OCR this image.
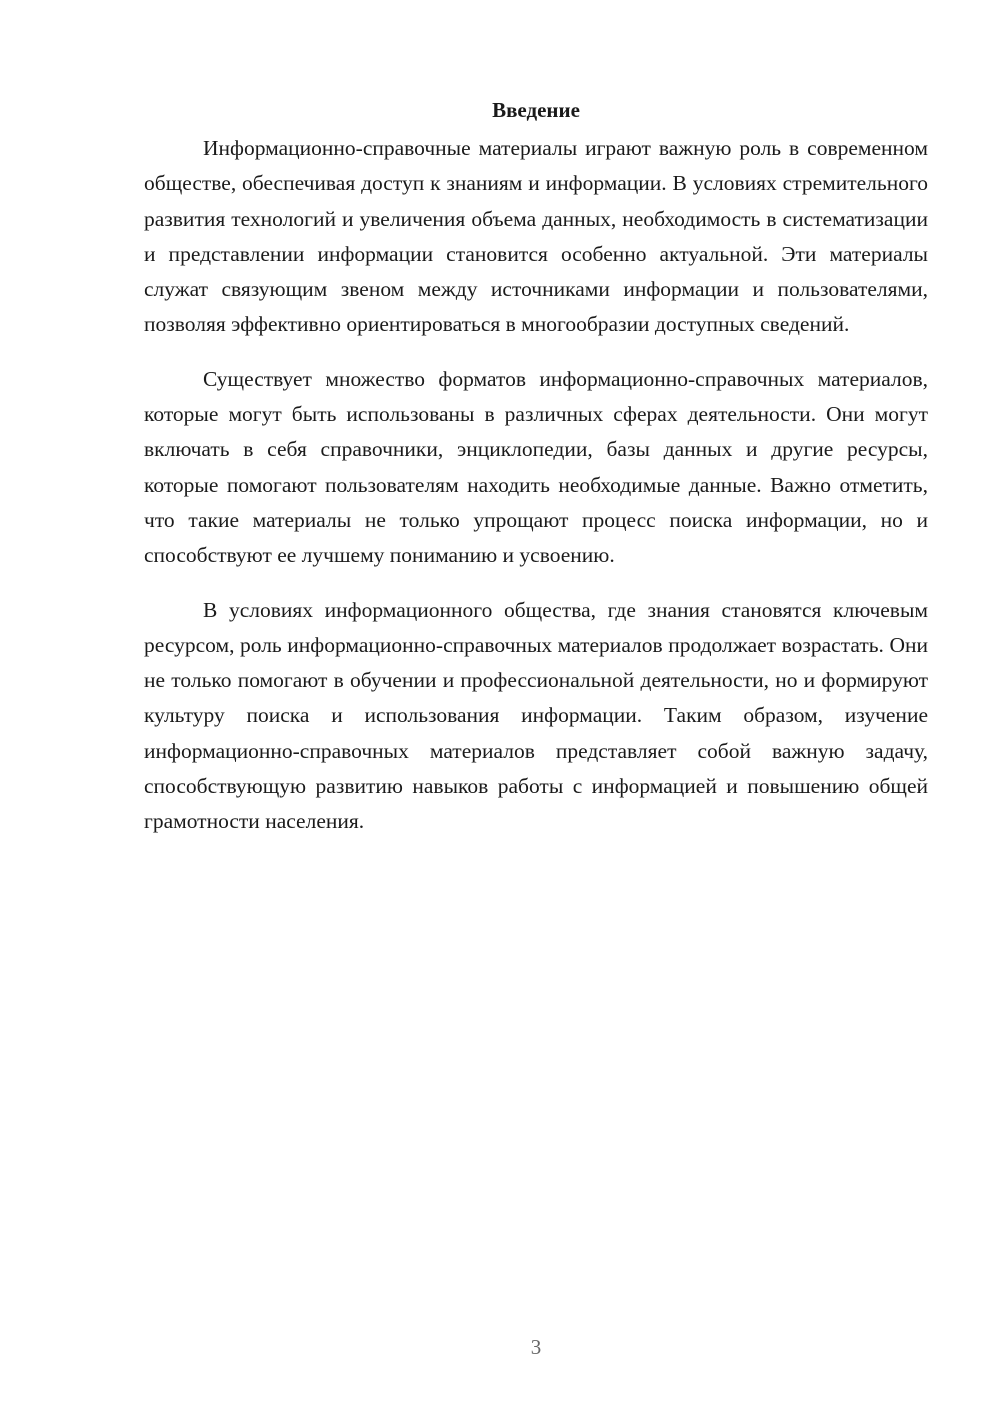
Введение

Информационно-справочные материалы играют важную роль в современном обществе, обеспечивая доступ к знаниям и информации. В условиях стремительного развития технологий и увеличения объема данных, необходимость в систематизации и представлении информации становится особенно актуальной. Эти материалы служат связующим звеном между источниками информации и пользователями, позволяя эффективно ориентироваться в многообразии доступных сведений.

Существует множество форматов информационно-справочных материалов, которые могут быть использованы в различных сферах деятельности. Они могут включать в себя справочники, энциклопедии, базы данных и другие ресурсы, которые помогают пользователям находить необходимые данные. Важно отметить, что такие материалы не только упрощают процесс поиска информации, но и способствуют ее лучшему пониманию и усвоению.

В условиях информационного общества, где знания становятся ключевым ресурсом, роль информационно-справочных материалов продолжает возрастать. Они не только помогают в обучении и профессиональной деятельности, но и формируют культуру поиска и использования информации. Таким образом, изучение информационно-справочных материалов представляет собой важную задачу, способствующую развитию навыков работы с информацией и повышению общей грамотности населения.

3
